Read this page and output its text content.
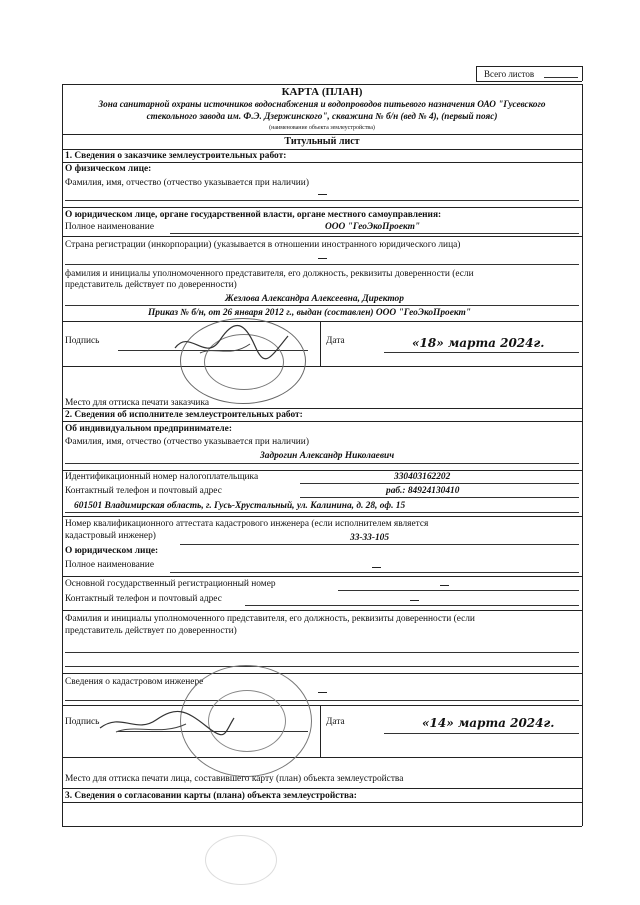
Всего листов
КАРТА (ПЛАН)
Зона санитарной охраны источников водоснабжения и водопроводов питьевого назначения ОАО "Гусевского
стекольного завода им. Ф.Э. Дзержинского", скважина № б/н (вед № 4), (первый пояс)
(наименование объекта землеустройства)
Титульный лист
1. Сведения о заказчике землеустроительных работ:
О физическом лице:
Фамилия, имя, отчество (отчество указывается при наличии)
О юридическом лице, органе государственной власти, органе местного самоуправления:
Полное наименование	ООО "ГеоЭкоПроект"
Страна регистрации (инкорпорации) (указывается в отношении иностранного юридического лица)
фамилия и инициалы уполномоченного представителя, его должность, реквизиты доверенности (если
представитель действует по доверенности)
Жезлова Александра Алексеевна, Директор
Приказ № б/н, от 26 января 2012 г., выдан (составлен) ООО "ГеоЭкоПроект"
Подпись	Дата	«18» марта 2024г.
Место для оттиска печати заказчика
2. Сведения об исполнителе землеустроительных работ:
Об индивидуальном предпринимателе:
Фамилия, имя, отчество (отчество указывается при наличии)
Задрогин Александр Николаевич
Идентификационный номер налогоплательщика	330403162202
Контактный телефон и почтовый адрес	раб.: 84924130410
601501 Владимирская область, г. Гусь-Хрустальный, ул. Калинина, д. 28, оф. 15
Номер квалификационного аттестата кадастрового инженера (если исполнителем является
кадастровый инженер)	33-33-105
О юридическом лице:
Полное наименование
Основной государственный регистрационный номер
Контактный телефон и почтовый адрес
Фамилия и инициалы уполномоченного представителя, его должность, реквизиты доверенности (если
представитель действует по доверенности)
Сведения о кадастровом инженере
Подпись	Дата	«14» марта 2024г.
Место для оттиска печати лица, составившего карту (план) объекта землеустройства
3. Сведения о согласовании карты (плана) объекта землеустройства:
